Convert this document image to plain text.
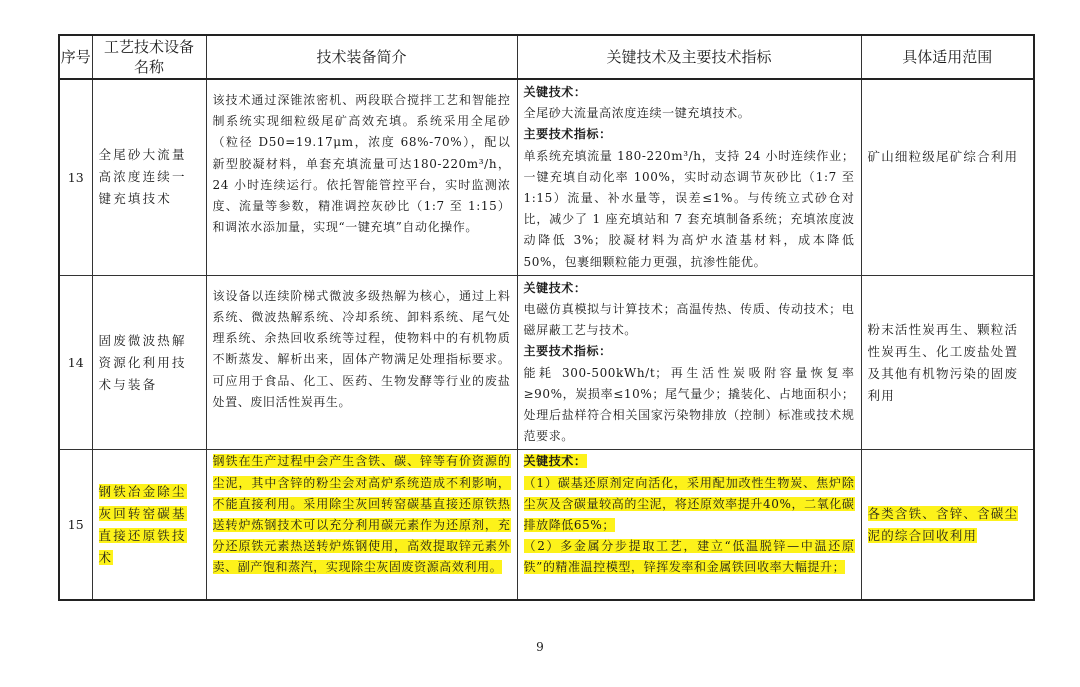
序号	工艺技术设备名称	技术装备简介	关键技术及主要技术指标	具体适用范围
13	全尾砂大流量高浓度连续一键充填技术	该技术通过深锥浓密机、两段联合搅拌工艺和智能控制系统实现细粒级尾矿高效充填。系统采用全尾砂（粒径 D50=19.17μm，浓度 68%-70%），配以新型胶凝材料，单套充填流量可达180-220m³/h，24 小时连续运行。依托智能管控平台，实时监测浓度、流量等参数，精准调控灰砂比（1:7 至 1:15）和调浓水添加量，实现“一键充填”自动化操作。	关键技术：
全尾砂大流量高浓度连续一键充填技术。
主要技术指标：
单系统充填流量 180-220m³/h，支持 24 小时连续作业；一键充填自动化率 100%，实时动态调节灰砂比（1:7 至 1:15）流量、补水量等，误差≤1%。与传统立式砂仓对比，减少了 1 座充填站和 7 套充填制备系统；充填浓度波动降低 3%；胶凝材料为高炉水渣基材料，成本降低 50%，包裹细颗粒能力更强，抗渗性能优。	矿山细粒级尾矿综合利用

14	固废微波热解资源化利用技术与装备	该设备以连续阶梯式微波多级热解为核心，通过上料系统、微波热解系统、冷却系统、卸料系统、尾气处理系统、余热回收系统等过程，使物料中的有机物质不断蒸发、解析出来，固体产物满足处理指标要求。可应用于食品、化工、医药、生物发酵等行业的废盐处置、废旧活性炭再生。	关键技术：
电磁仿真模拟与计算技术；高温传热、传质、传动技术；电磁屏蔽工艺与技术。
主要技术指标：
能耗 300-500kWh/t；再生活性炭吸附容量恢复率≥90%，炭损率≤10%；尾气量少；撬装化、占地面积小；处理后盐样符合相关国家污染物排放（控制）标准或技术规范要求。	粉末活性炭再生、颗粒活性炭再生、化工废盐处置及其他有机物污染的固废利用

15	钢铁冶金除尘灰回转窑碳基直接还原铁技术	钢铁在生产过程中会产生含铁、碳、锌等有价资源的尘泥，其中含锌的粉尘会对高炉系统造成不利影响，不能直接利用。采用除尘灰回转窑碳基直接还原铁热送转炉炼钢技术可以充分利用碳元素作为还原剂，充分还原铁元素热送转炉炼钢使用，高效提取锌元素外卖、副产饱和蒸汽，实现除尘灰固废资源高效利用。	关键技术：
（1）碳基还原剂定向活化，采用配加改性生物炭、焦炉除尘灰及含碳量较高的尘泥，将还原效率提升40%，二氧化碳排放降低65%；
（2）多金属分步提取工艺，建立“低温脱锌—中温还原铁”的精准温控模型，锌挥发率和金属铁回收率大幅提升；	各类含铁、含锌、含碳尘泥的综合回收利用
9
